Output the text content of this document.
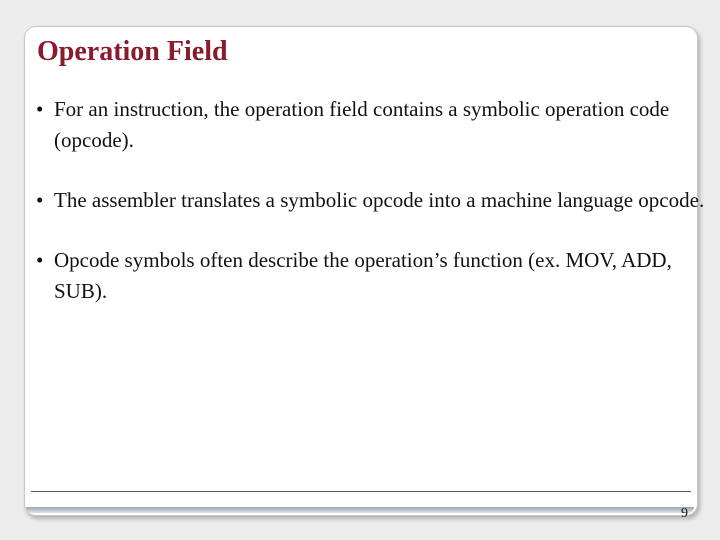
Operation Field
• For an instruction, the operation field contains a symbolic operation code (opcode).
• The assembler translates a symbolic opcode into a machine language opcode.
• Opcode symbols often describe the operation’s function (ex. MOV, ADD, SUB).
9
